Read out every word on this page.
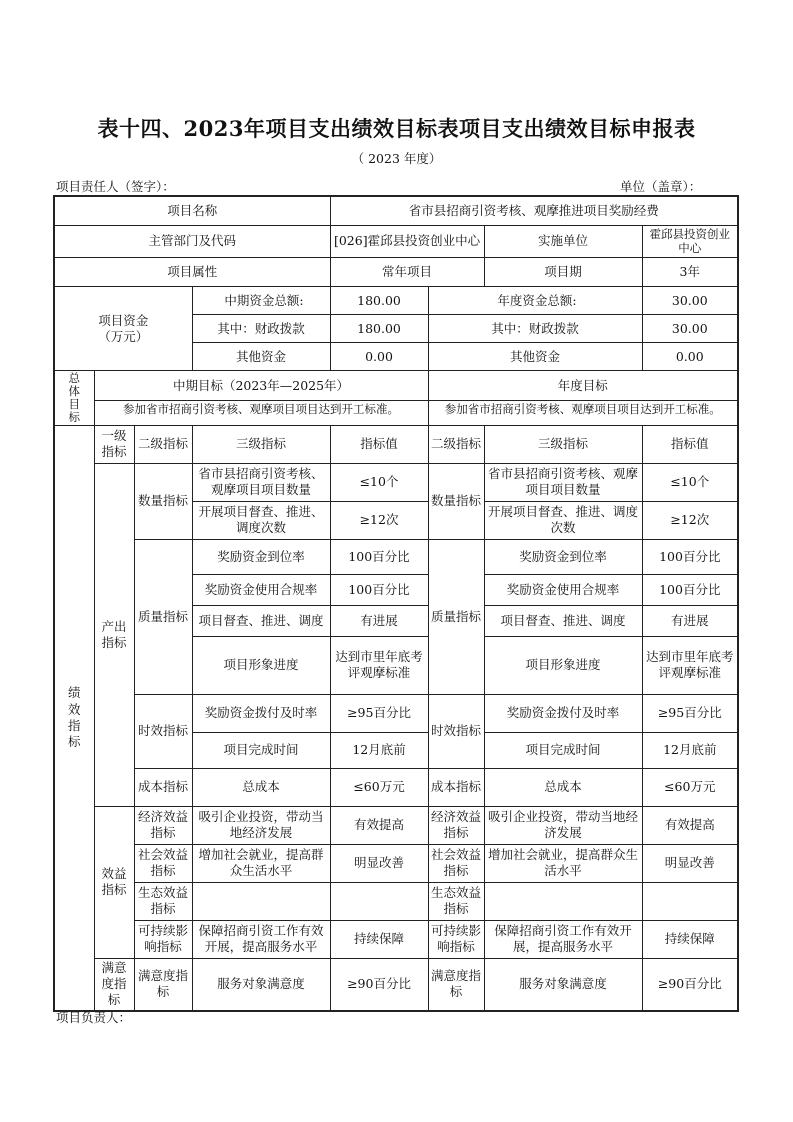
表十四、2023年项目支出绩效目标表项目支出绩效目标申报表
（ 2023 年度）
项目责任人（签字）：	单位（盖章）：
项目名称				省市县招商引资考核、观摩推进项目奖励经费			
主管部门及代码				[026]霍邱县投资创业中心		实施单位	霍邱县投资创业中心
项目属性				常年项目		项目期	3年

项目资金
（万元）			中期资金总额:	180.00	年度资金总额:		30.00
			其中：财政拨款	180.00	其中：财政拨款		30.00
			其他资金	0.00	其他资金		0.00

总
体
目
标	中期目标（2023年—2025年）				年度目标		
	参加省市招商引资考核、观摩项目项目达到开工标准。				参加省市招商引资考核、观摩项目项目达到开工标准。		

绩
效
指
标	一级指标	二级指标	三级指标	指标值	二级指标	三级指标	指标值
	产出指标	数量指标	省市县招商引资考核、观摩项目项目数量	≤10个	数量指标	省市县招商引资考核、观摩项目项目数量	≤10个
			开展项目督查、推进、调度次数	≥12次		开展项目督查、推进、调度次数	≥12次
		质量指标	奖励资金到位率	100百分比	质量指标	奖励资金到位率	100百分比
			奖励资金使用合规率	100百分比		奖励资金使用合规率	100百分比
			项目督查、推进、调度	有进展		项目督查、推进、调度	有进展
			项目形象进度	达到市里年底考评观摩标准		项目形象进度	达到市里年底考评观摩标准
		时效指标	奖励资金拨付及时率	≥95百分比	时效指标	奖励资金拨付及时率	≥95百分比
			项目完成时间	12月底前		项目完成时间	12月底前
		成本指标	总成本	≤60万元	成本指标	总成本	≤60万元
	效益指标	经济效益指标	吸引企业投资，带动当地经济发展	有效提高	经济效益指标	吸引企业投资，带动当地经济发展	有效提高
		社会效益指标	增加社会就业，提高群众生活水平	明显改善	社会效益指标	增加社会就业，提高群众生活水平	明显改善
		生态效益指标			生态效益指标		
		可持续影响指标	保障招商引资工作有效开展，提高服务水平	持续保障	可持续影响指标	保障招商引资工作有效开展，提高服务水平	持续保障
	满意度指标	满意度指标	服务对象满意度	≥90百分比	满意度指标	服务对象满意度	≥90百分比
项目负责人：
